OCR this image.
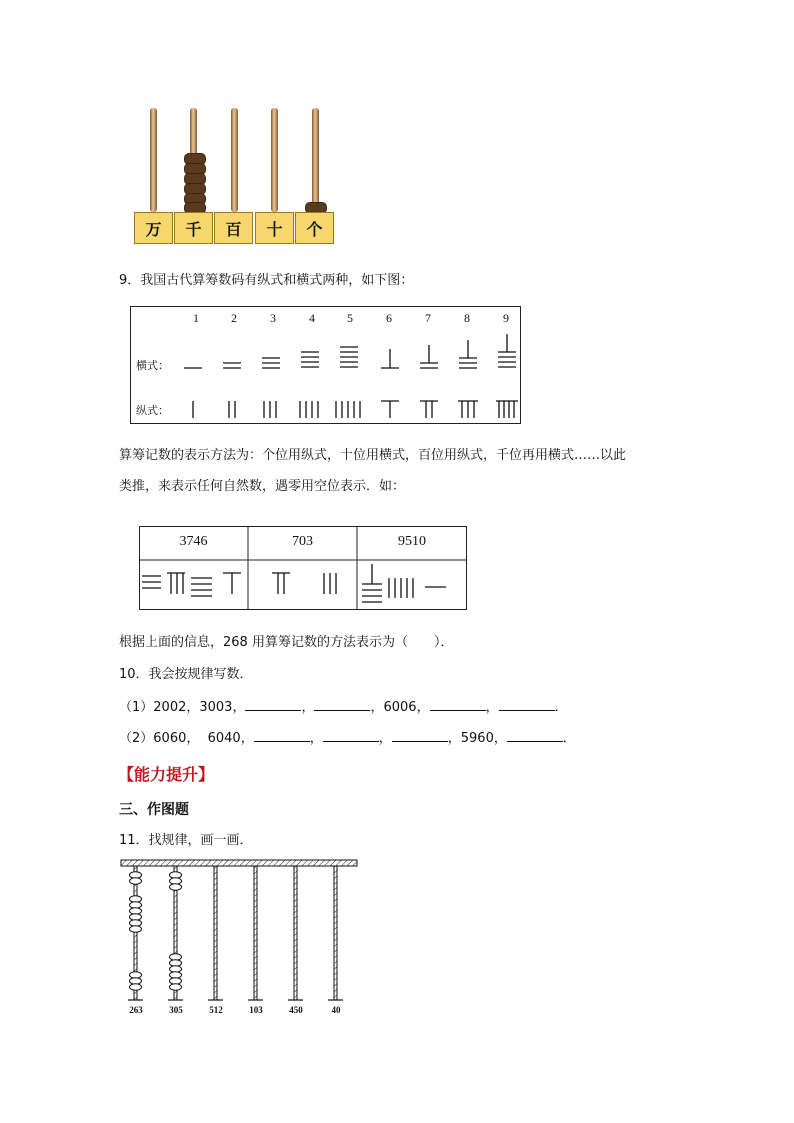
万	千	百	十	个
9．我国古代算筹数码有纵式和横式两种，如下图：
1	2	3	4	5	6	7	8	9
横式：
纵式：
算筹记数的表示方法为：个位用纵式，十位用横式，百位用纵式，千位再用横式……以此
类推，来表示任何自然数，遇零用空位表示．如：
3746	703	9510
根据上面的信息，268 用算筹记数的方法表示为（　　）．
10．我会按规律写数．
（1）2002，3003，	，	，6006，	，	．
（2）6060，  6040，	，	，	，5960，	．
【能力提升】
三、作图题
11．找规律，画一画．
263	305	512	103	450	40
